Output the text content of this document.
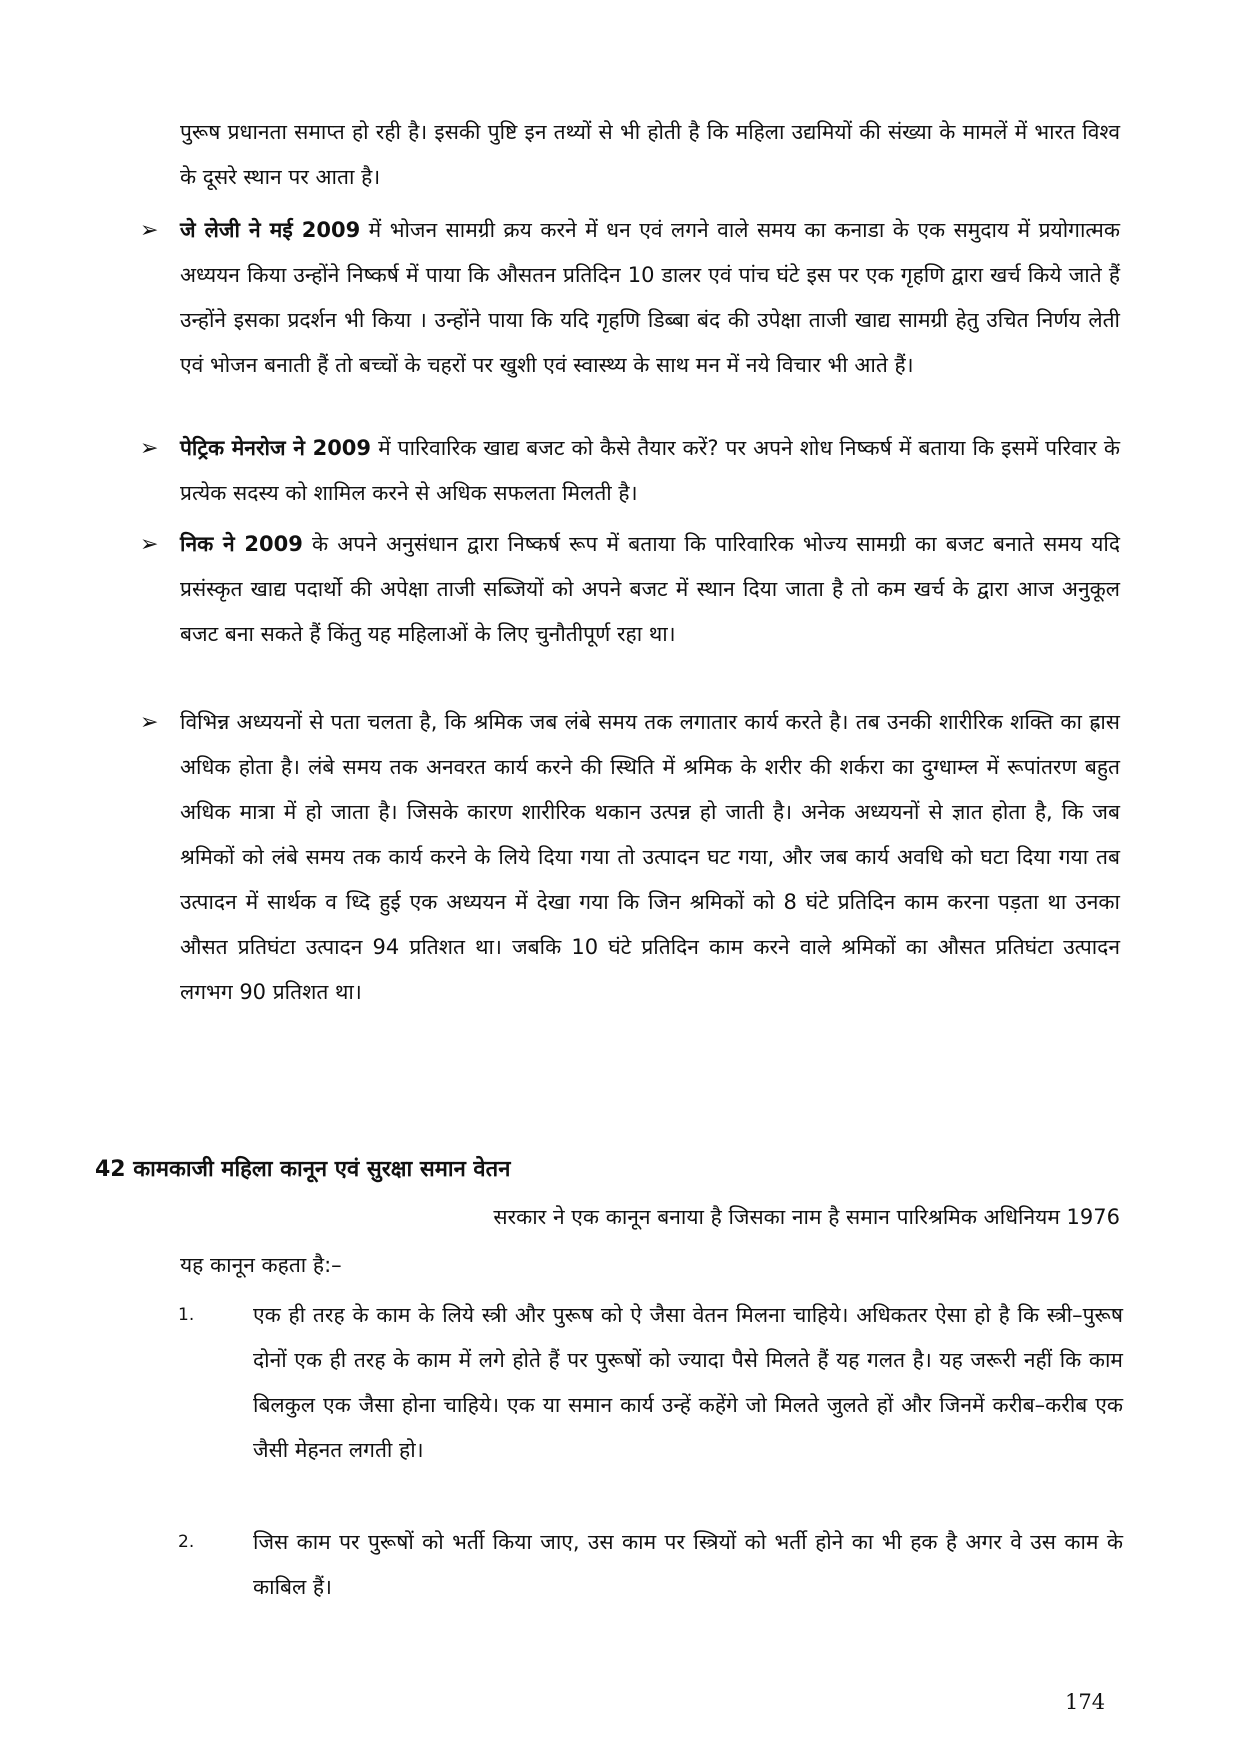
पुरूष प्रधानता समाप्त हो रही है। इसकी पुष्टि इन तथ्यों से भी होती है कि महिला उद्यमियों की संख्या के मामलें में भारत विश्व के दूसरे स्थान पर आता है।
➢	जे लेजी ने मई 2009 में भोजन सामग्री क्रय करने में धन एवं लगने वाले समय का कनाडा के एक समुदाय में प्रयोगात्मक अध्ययन किया उन्होंने निष्कर्ष में पाया कि औसतन प्रतिदिन 10 डालर एवं पांच घंटे इस पर एक गृहणि द्वारा खर्च किये जाते हैं उन्होंने इसका प्रदर्शन भी किया । उन्होंने पाया कि यदि गृहणि डिब्बा बंद की उपेक्षा ताजी खाद्य सामग्री हेतु उचित निर्णय लेती एवं भोजन बनाती हैं तो बच्चों के चहरों पर खुशी एवं स्वास्थ्य के साथ मन में नये विचार भी आते हैं।
➢	पेट्रिक मेनरोज ने 2009 में पारिवारिक खाद्य बजट को कैसे तैयार करें? पर अपने शोध निष्कर्ष में बताया कि इसमें परिवार के प्रत्येक सदस्य को शामिल करने से अधिक सफलता मिलती है।
➢	निक ने 2009 के अपने अनुसंधान द्वारा निष्कर्ष रूप में बताया कि पारिवारिक भोज्य सामग्री का बजट बनाते समय यदि प्रसंस्कृत खाद्य पदार्थो की अपेक्षा ताजी सब्जियों को अपने बजट में स्थान दिया जाता है तो कम खर्च के द्वारा आज अनुकूल बजट बना सकते हैं किंतु यह महिलाओं के लिए चुनौतीपूर्ण रहा था।
➢	विभिन्न अध्ययनों से पता चलता है, कि श्रमिक जब लंबे समय तक लगातार कार्य करते है। तब उनकी शारीरिक शक्ति का ह्रास अधिक होता है। लंबे समय तक अनवरत कार्य करने की स्थिति में श्रमिक के शरीर की शर्करा का दुग्धाम्ल में रूपांतरण बहुत अधिक मात्रा में हो जाता है। जिसके कारण शारीरिक थकान उत्पन्न हो जाती है। अनेक अध्ययनों से ज्ञात होता है, कि जब श्रमिकों को लंबे समय तक कार्य करने के लिये दिया गया तो उत्पादन घट गया, और जब कार्य अवधि को घटा दिया गया तब उत्पादन में सार्थक व ध्दि हुई एक अध्ययन में देखा गया कि जिन श्रमिकों को 8 घंटे प्रतिदिन काम करना पड़ता था उनका औसत प्रतिघंटा उत्पादन 94 प्रतिशत था। जबकि 10 घंटे प्रतिदिन काम करने वाले श्रमिकों का औसत प्रतिघंटा उत्पादन लगभग 90 प्रतिशत था।
42 कामकाजी महिला कानून एवं सुरक्षा समान वेतन
सरकार ने एक कानून बनाया है जिसका नाम है समान पारिश्रमिक अधिनियम 1976
यह कानून कहता है:–
1.	एक ही तरह के काम के लिये स्त्री और पुरूष को ऐ जैसा वेतन मिलना चाहिये। अधिकतर ऐसा हो है कि स्त्री–पुरूष दोनों एक ही तरह के काम में लगे होते हैं पर पुरूषों को ज्यादा पैसे मिलते हैं यह गलत है। यह जरूरी नहीं कि काम बिलकुल एक जैसा होना चाहिये। एक या समान कार्य उन्हें कहेंगे जो मिलते जुलते हों और जिनमें करीब–करीब एक जैसी मेहनत लगती हो।
2.	जिस काम पर पुरूषों को भर्ती किया जाए, उस काम पर स्त्रियों को भर्ती होने का भी हक है अगर वे उस काम के काबिल हैं।
174
